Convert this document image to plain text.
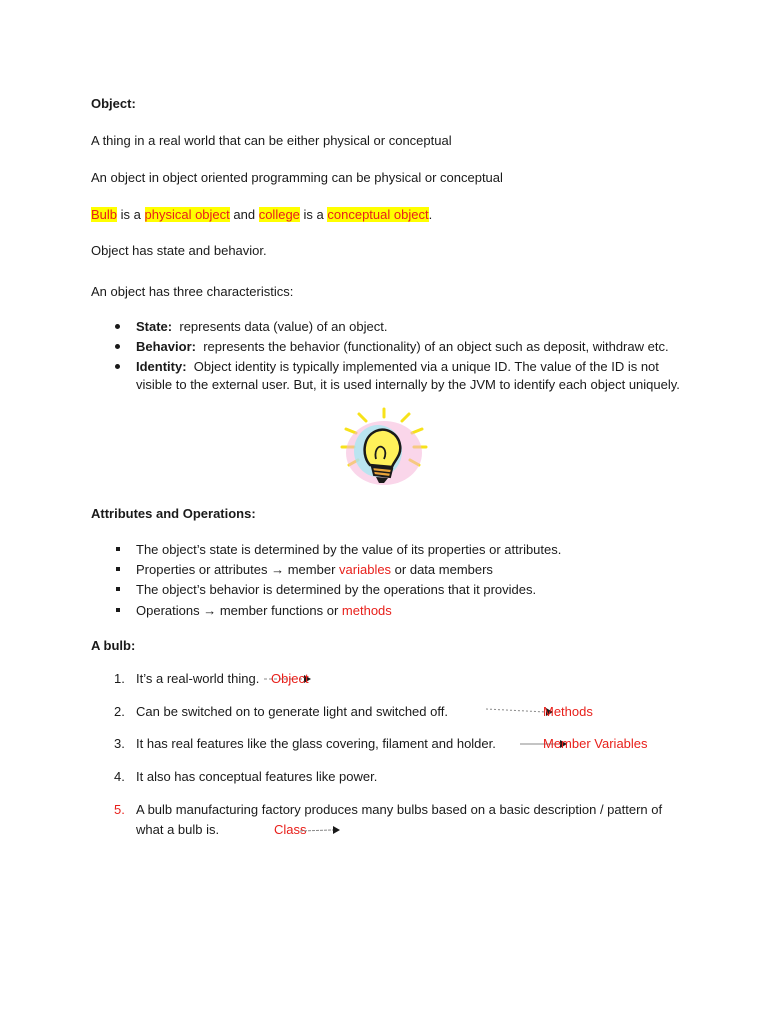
Object:
A thing in a real world that can be either physical or conceptual
An object in object oriented programming can be physical or conceptual
Bulb is a physical object and college is a conceptual object.
Object has state and behavior.
An object has three characteristics:
State: represents data (value) of an object.
Behavior: represents the behavior (functionality) of an object such as deposit, withdraw etc.
Identity: Object identity is typically implemented via a unique ID. The value of the ID is not
visible to the external user. But, it is used internally by the JVM to identify each object uniquely.
Attributes and Operations:
The object’s state is determined by the value of its properties or attributes.
Properties or attributes → member variables or data members
The object’s behavior is determined by the operations that it provides.
Operations → member functions or methods
A bulb:
1. It’s a real-world thing. Object
2. Can be switched on to generate light and switched off.	Methods
3. It has real features like the glass covering, filament and holder.	Member Variables
4. It also has conceptual features like power.
5. A bulb manufacturing factory produces many bulbs based on a basic description / pattern of
what a bulb is.	Class
